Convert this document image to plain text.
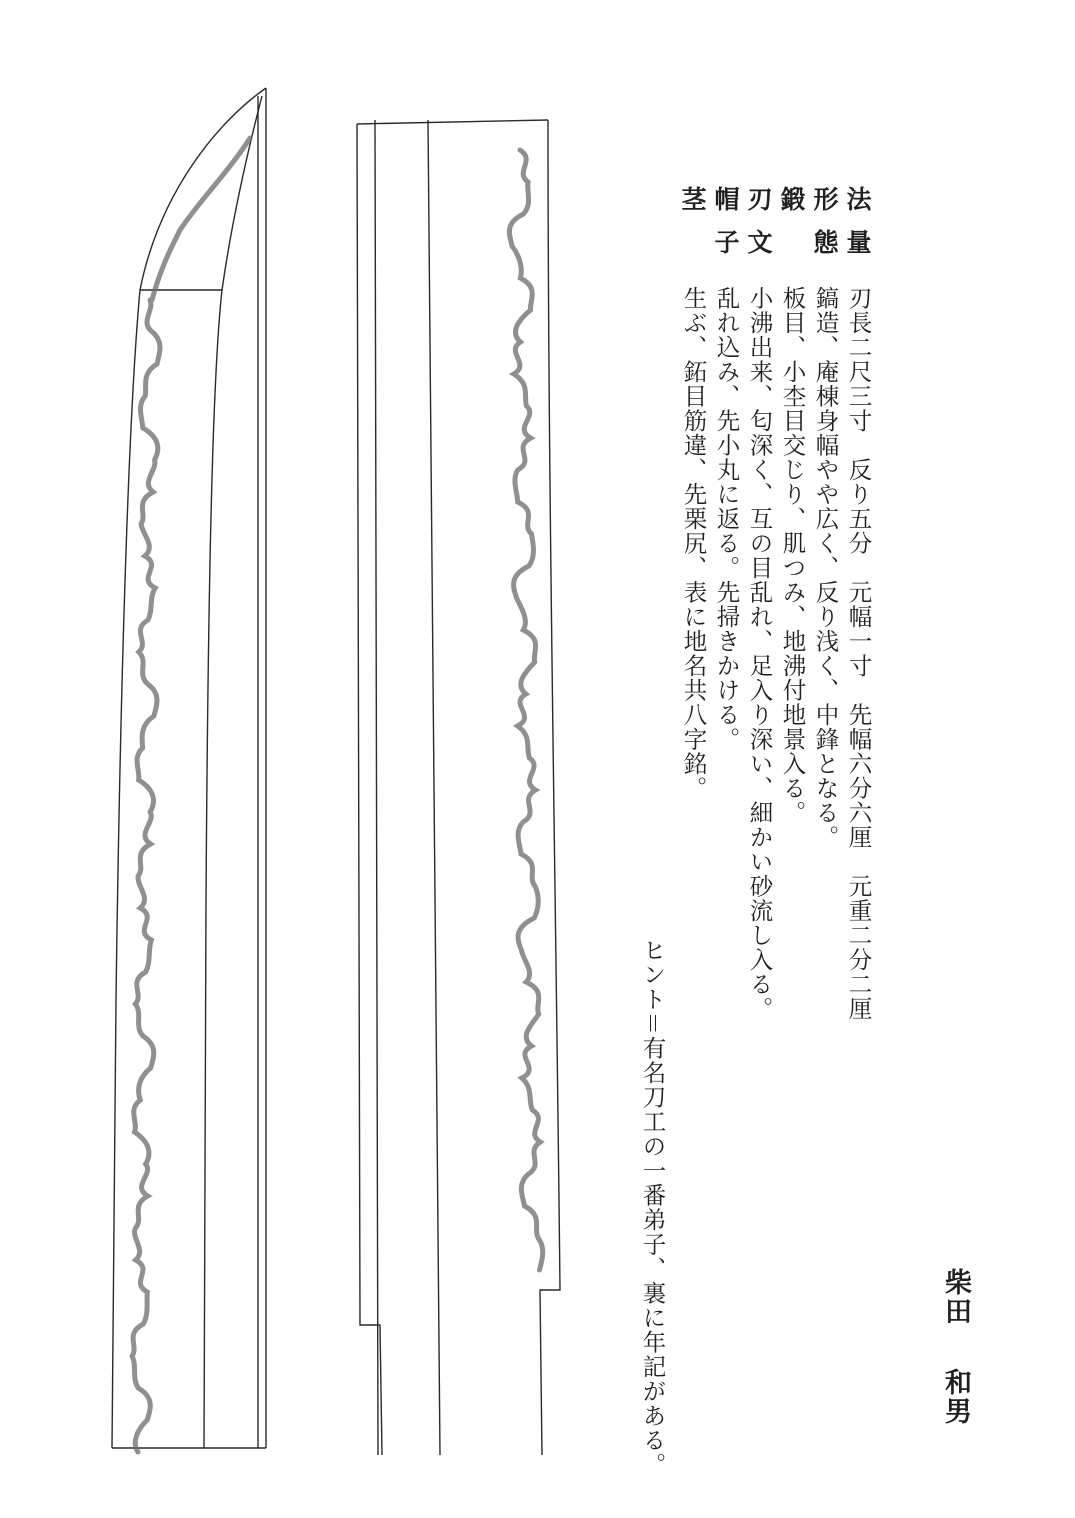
法量
形態
鍛
刃文
帽子
茎
刃長二尺三寸　反り五分　元幅一寸　先幅六分六厘　元重二分二厘
鎬造、庵棟身幅やや広く、反り浅く、中鋒となる。
板目、小杢目交じり、肌つみ、地沸付地景入る。
小沸出来、匂深く、互の目乱れ、足入り深い、細かい砂流し入る。
乱れ込み、先小丸に返る。先掃きかける。
生ぶ、鉐目筋違、先栗尻、表に地名共八字銘。
ヒント＝有名刀工の一番弟子、裏に年記がある。	柴田和男
